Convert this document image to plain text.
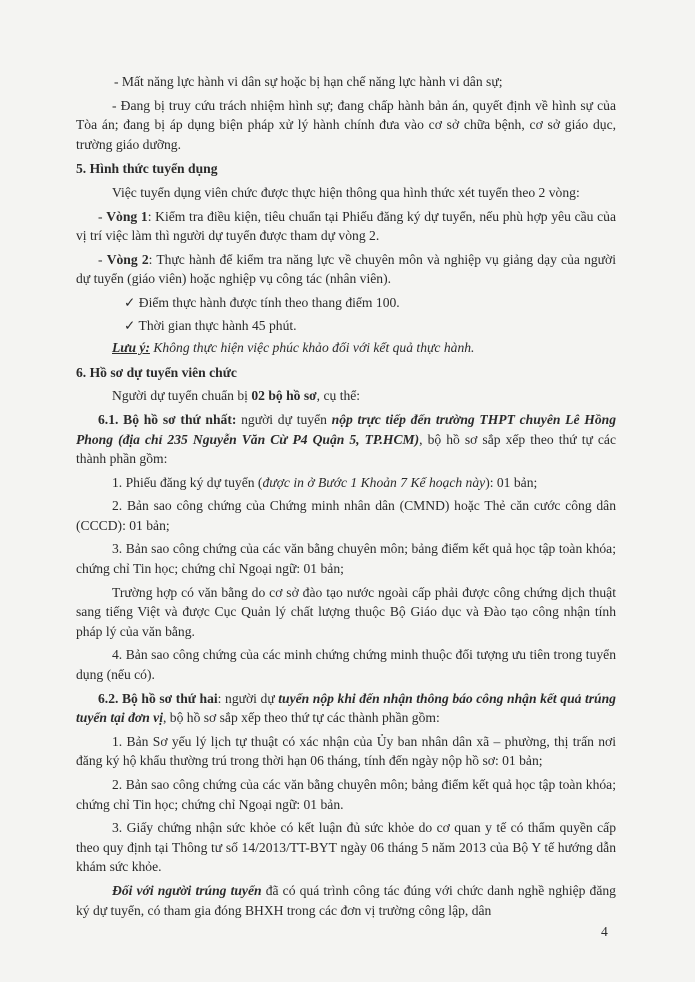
- Mất năng lực hành vi dân sự hoặc bị hạn chế năng lực hành vi dân sự;

- Đang bị truy cứu trách nhiệm hình sự; đang chấp hành bản án, quyết định về hình sự của Tòa án; đang bị áp dụng biện pháp xử lý hành chính đưa vào cơ sở chữa bệnh, cơ sở giáo dục, trường giáo dưỡng.

5. Hình thức tuyển dụng

Việc tuyển dụng viên chức được thực hiện thông qua hình thức xét tuyển theo 2 vòng:

- Vòng 1: Kiểm tra điều kiện, tiêu chuẩn tại Phiếu đăng ký dự tuyển, nếu phù hợp yêu cầu của vị trí việc làm thì người dự tuyển được tham dự vòng 2.

- Vòng 2: Thực hành để kiểm tra năng lực về chuyên môn và nghiệp vụ giảng dạy của người dự tuyển (giáo viên) hoặc nghiệp vụ công tác (nhân viên).

✓ Điểm thực hành được tính theo thang điểm 100.

✓ Thời gian thực hành 45 phút.

Lưu ý: Không thực hiện việc phúc khảo đối với kết quả thực hành.

6. Hồ sơ dự tuyển viên chức

Người dự tuyển chuẩn bị 02 bộ hồ sơ, cụ thể:

6.1. Bộ hồ sơ thứ nhất: người dự tuyển nộp trực tiếp đến trường THPT chuyên Lê Hồng Phong (địa chỉ 235 Nguyễn Văn Cừ P4 Quận 5, TP.HCM), bộ hồ sơ sắp xếp theo thứ tự các thành phần gồm:

1. Phiếu đăng ký dự tuyển (được in ở Bước 1 Khoản 7 Kế hoạch này): 01 bản;

2. Bản sao công chứng của Chứng minh nhân dân (CMND) hoặc Thẻ căn cước công dân (CCCD): 01 bản;

3. Bản sao công chứng của các văn bằng chuyên môn; bảng điểm kết quả học tập toàn khóa; chứng chỉ Tin học; chứng chỉ Ngoại ngữ: 01 bản;

Trường hợp có văn bằng do cơ sở đào tạo nước ngoài cấp phải được công chứng dịch thuật sang tiếng Việt và được Cục Quản lý chất lượng thuộc Bộ Giáo dục và Đào tạo công nhận tính pháp lý của văn bằng.

4. Bản sao công chứng của các minh chứng chứng minh thuộc đối tượng ưu tiên trong tuyển dụng (nếu có).

6.2. Bộ hồ sơ thứ hai: người dự tuyển nộp khi đến nhận thông báo công nhận kết quả trúng tuyển tại đơn vị, bộ hồ sơ sắp xếp theo thứ tự các thành phần gồm:

1. Bản Sơ yếu lý lịch tự thuật có xác nhận của Ủy ban nhân dân xã – phường, thị trấn nơi đăng ký hộ khẩu thường trú trong thời hạn 06 tháng, tính đến ngày nộp hồ sơ: 01 bản;

2. Bản sao công chứng của các văn bằng chuyên môn; bảng điểm kết quả học tập toàn khóa; chứng chỉ Tin học; chứng chỉ Ngoại ngữ: 01 bản.

3. Giấy chứng nhận sức khỏe có kết luận đủ sức khỏe do cơ quan y tế có thẩm quyền cấp theo quy định tại Thông tư số 14/2013/TT-BYT ngày 06 tháng 5 năm 2013 của Bộ Y tế hướng dẫn khám sức khỏe.

Đối với người trúng tuyển đã có quá trình công tác đúng với chức danh nghề nghiệp đăng ký dự tuyển, có tham gia đóng BHXH trong các đơn vị trường công lập, dân

4
